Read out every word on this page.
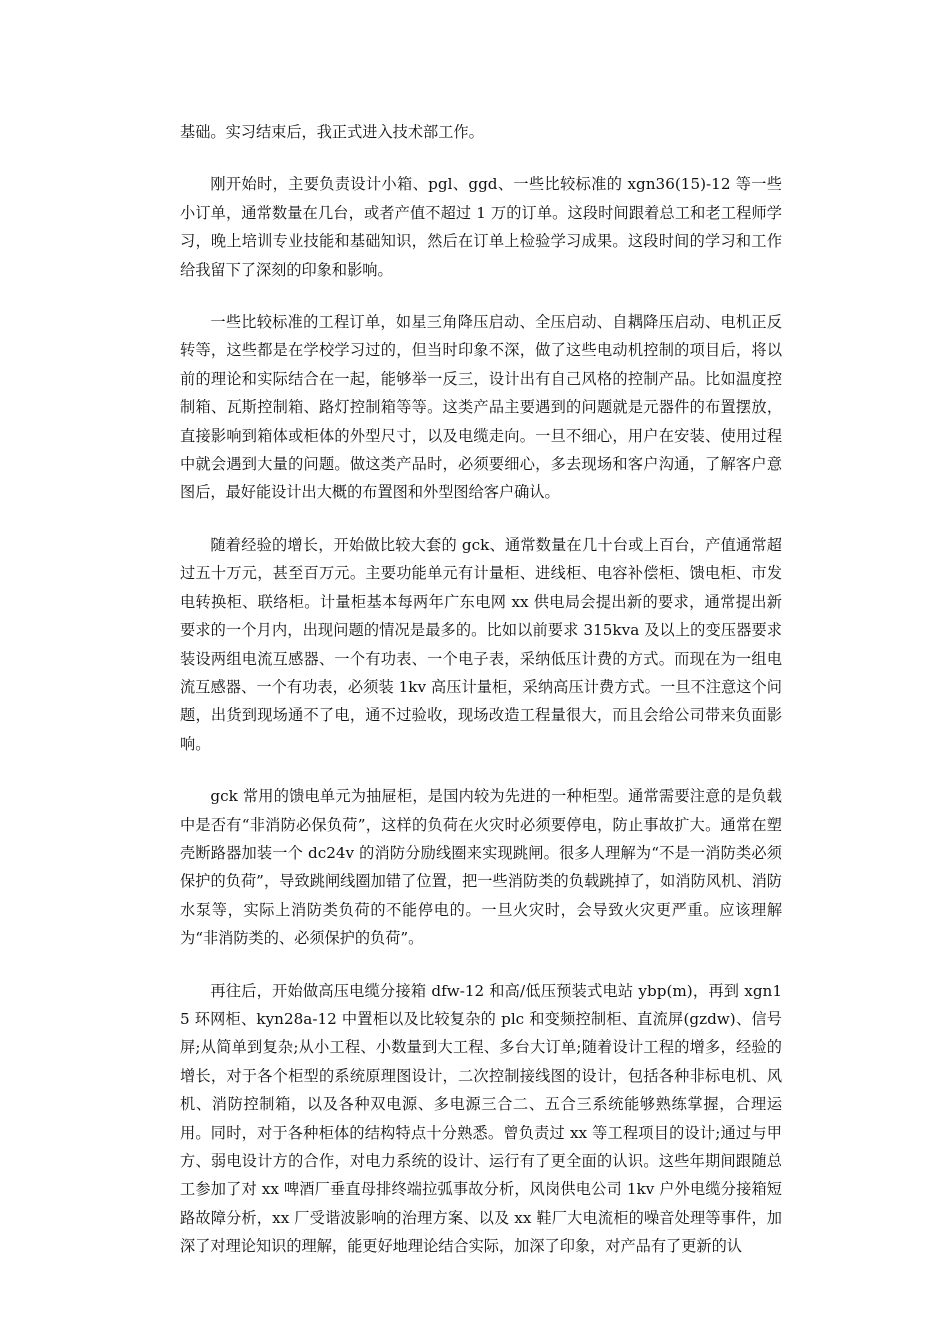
基础。实习结束后，我正式进入技术部工作。

刚开始时，主要负责设计小箱、pgl、ggd、一些比较标准的 xgn36(15)-12 等一些小订单，通常数量在几台，或者产值不超过 1 万的订单。这段时间跟着总工和老工程师学习，晚上培训专业技能和基础知识，然后在订单上检验学习成果。这段时间的学习和工作给我留下了深刻的印象和影响。

一些比较标准的工程订单，如星三角降压启动、全压启动、自耦降压启动、电机正反转等，这些都是在学校学习过的，但当时印象不深，做了这些电动机控制的项目后，将以前的理论和实际结合在一起，能够举一反三，设计出有自己风格的控制产品。比如温度控制箱、瓦斯控制箱、路灯控制箱等等。这类产品主要遇到的问题就是元器件的布置摆放，直接影响到箱体或柜体的外型尺寸，以及电缆走向。一旦不细心，用户在安装、使用过程中就会遇到大量的问题。做这类产品时，必须要细心，多去现场和客户沟通，了解客户意图后，最好能设计出大概的布置图和外型图给客户确认。

随着经验的增长，开始做比较大套的 gck、通常数量在几十台或上百台，产值通常超过五十万元，甚至百万元。主要功能单元有计量柜、进线柜、电容补偿柜、馈电柜、市发电转换柜、联络柜。计量柜基本每两年广东电网 xx 供电局会提出新的要求，通常提出新要求的一个月内，出现问题的情况是最多的。比如以前要求 315kva 及以上的变压器要求装设两组电流互感器、一个有功表、一个电子表，采纳低压计费的方式。而现在为一组电流互感器、一个有功表，必须装 1kv 高压计量柜，采纳高压计费方式。一旦不注意这个问题，出货到现场通不了电，通不过验收，现场改造工程量很大，而且会给公司带来负面影响。

gck 常用的馈电单元为抽屉柜，是国内较为先进的一种柜型。通常需要注意的是负载中是否有“非消防必保负荷”，这样的负荷在火灾时必须要停电，防止事故扩大。通常在塑壳断路器加装一个 dc24v 的消防分励线圈来实现跳闸。很多人理解为“不是一消防类必须保护的负荷”，导致跳闸线圈加错了位置，把一些消防类的负载跳掉了，如消防风机、消防水泵等，实际上消防类负荷的不能停电的。一旦火灾时，会导致火灾更严重。应该理解为“非消防类的、必须保护的负荷”。

再往后，开始做高压电缆分接箱 dfw-12 和高/低压预装式电站 ybp(m)，再到 xgn15 环网柜、kyn28a-12 中置柜以及比较复杂的 plc 和变频控制柜、直流屏(gzdw)、信号屏;从简单到复杂;从小工程、小数量到大工程、多台大订单;随着设计工程的增多，经验的增长，对于各个柜型的系统原理图设计，二次控制接线图的设计，包括各种非标电机、风机、消防控制箱，以及各种双电源、多电源三合二、五合三系统能够熟练掌握，合理运用。同时，对于各种柜体的结构特点十分熟悉。曾负责过 xx 等工程项目的设计;通过与甲方、弱电设计方的合作，对电力系统的设计、运行有了更全面的认识。这些年期间跟随总工参加了对 xx 啤酒厂垂直母排终端拉弧事故分析，风岗供电公司 1kv 户外电缆分接箱短路故障分析，xx 厂受谐波影响的治理方案、以及 xx 鞋厂大电流柜的噪音处理等事件，加深了对理论知识的理解，能更好地理论结合实际，加深了印象，对产品有了更新的认
